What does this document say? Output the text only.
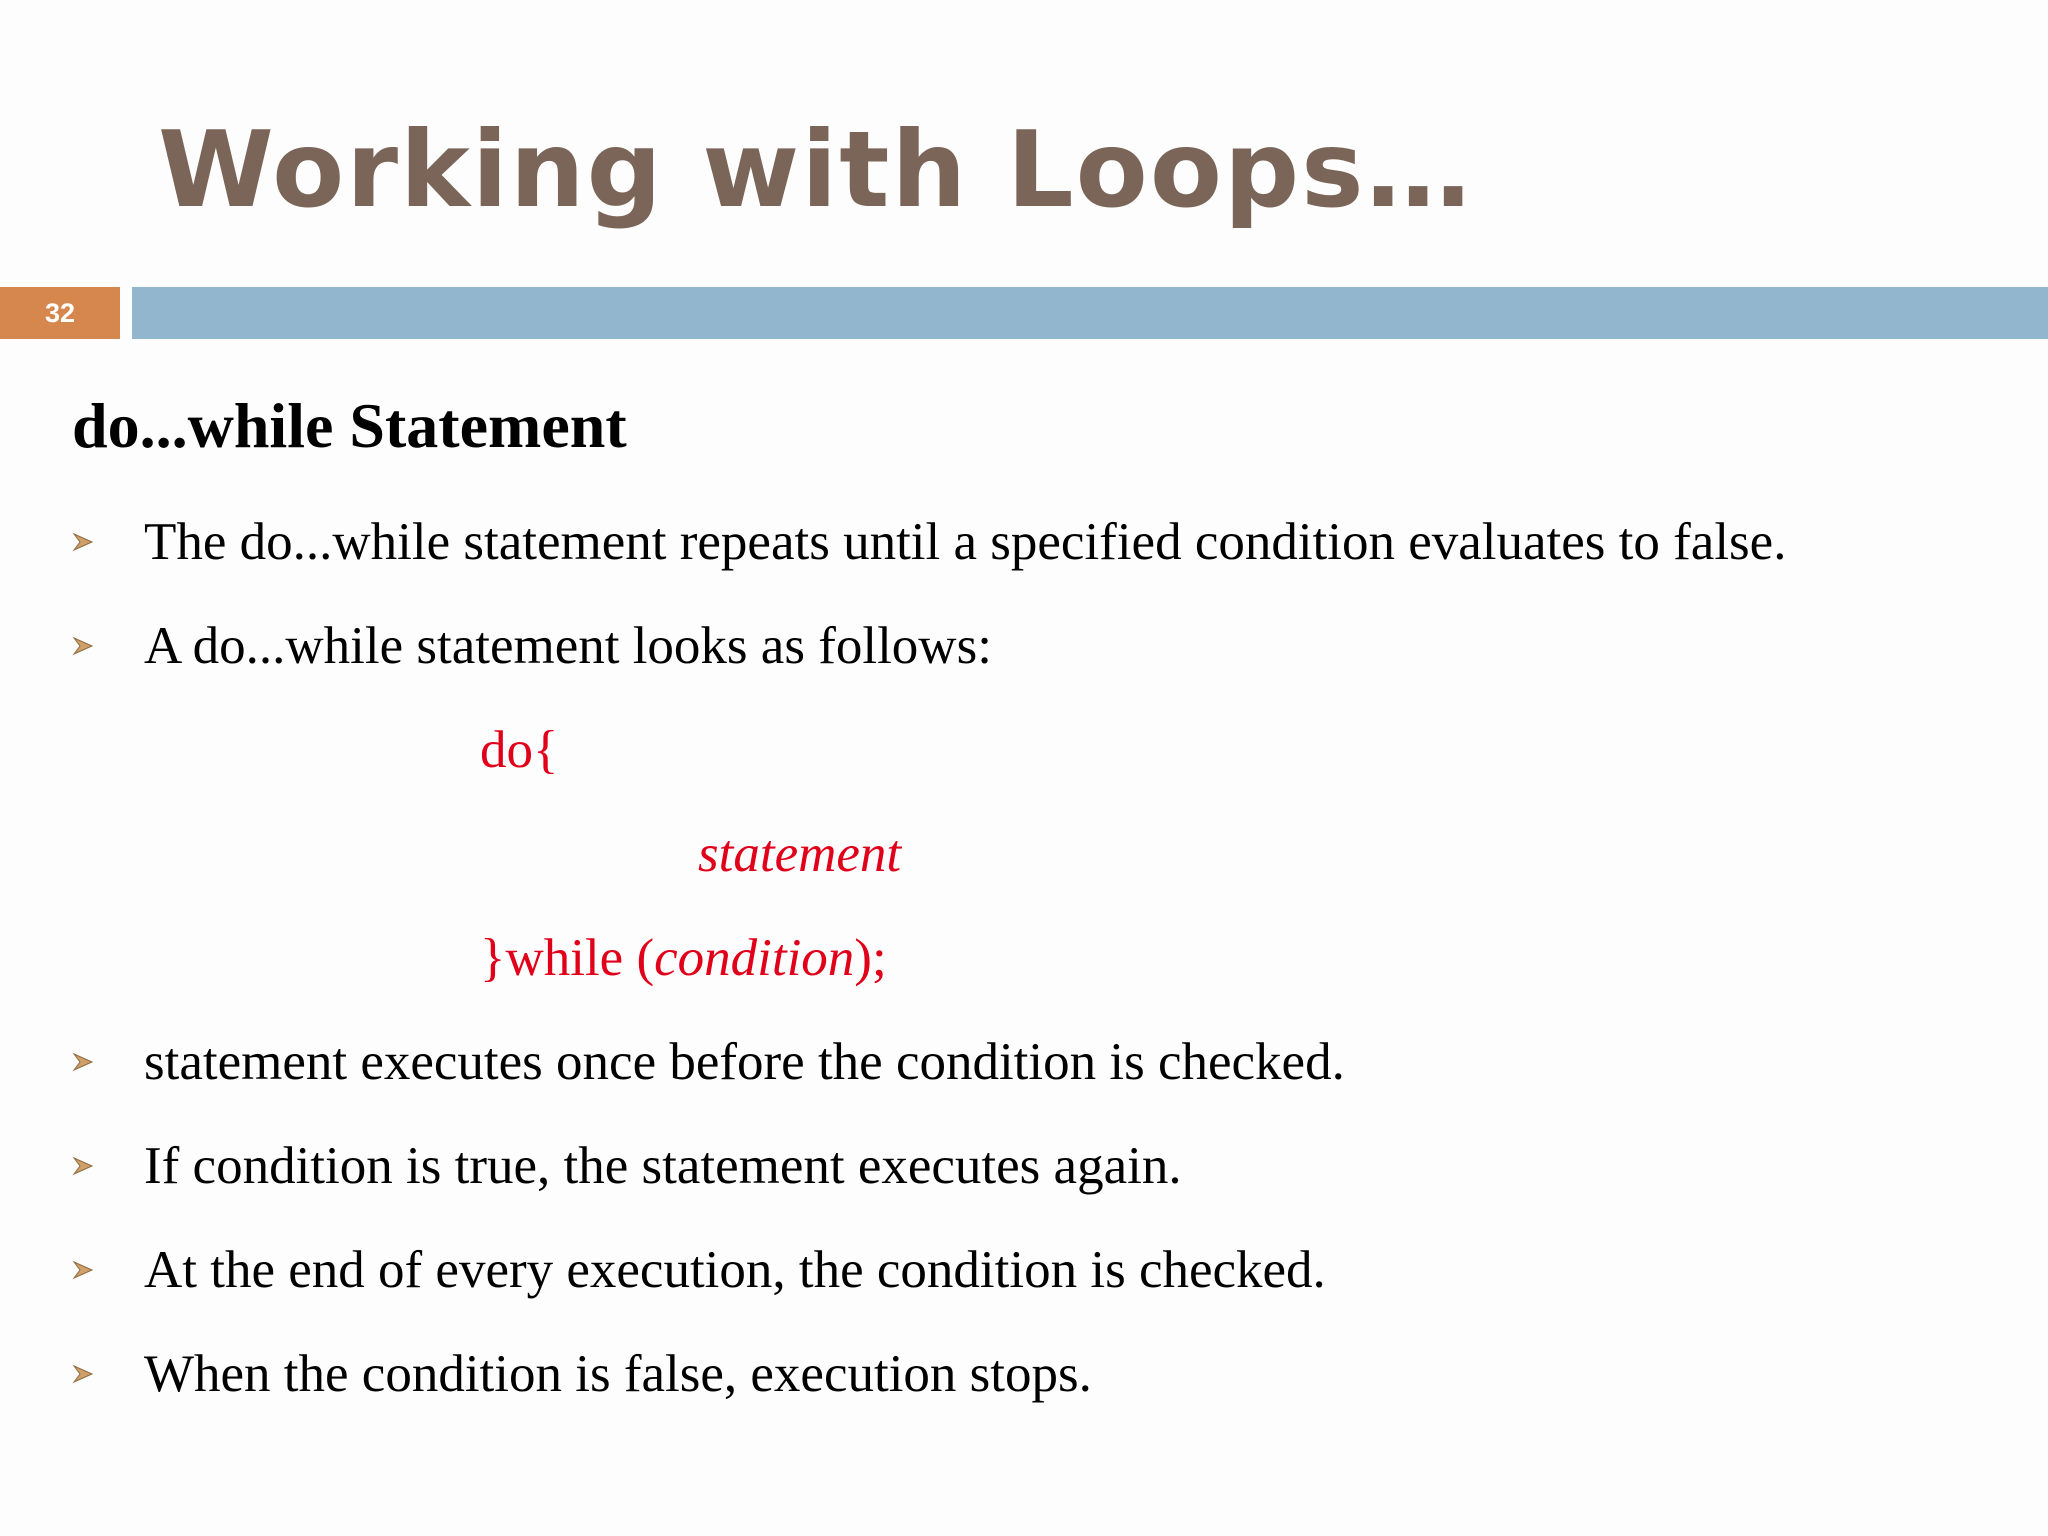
Working with Loops…
32
do...while Statement
The do...while statement repeats until a specified condition evaluates to false.
A do...while statement looks as follows:
do{
statement
}while (condition);
statement executes once before the condition is checked.
If condition is true, the statement executes again.
At the end of every execution, the condition is checked.
When the condition is false, execution stops.
